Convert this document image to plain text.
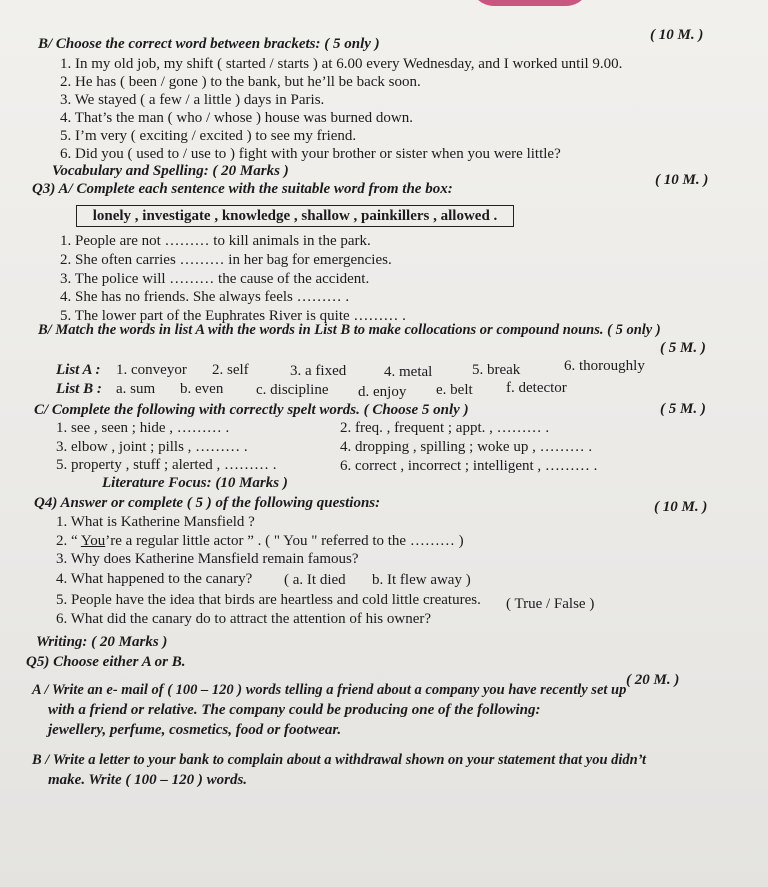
B/ Choose the correct word between brackets: ( 5 only )
( 10 M. )
1. In my old job, my shift ( started / starts ) at 6.00 every Wednesday, and I worked until 9.00.
2. He has ( been / gone ) to the bank, but he’ll be back soon.
3. We stayed ( a few / a little ) days in Paris.
4. That’s the man ( who / whose ) house was burned down.
5. I’m very ( exciting / excited ) to see my friend.
6. Did you ( used to / use to ) fight with your brother or sister when you were little?
Vocabulary and Spelling: ( 20 Marks )
Q3) A/ Complete each sentence with the suitable word from the box:
( 10 M. )
lonely , investigate , knowledge , shallow , painkillers , allowed .
1. People are not ……… to kill animals in the park.
2. She often carries ……… in her bag for emergencies.
3. The police will ……… the cause of the accident.
4. She has no friends. She always feels ……… .
5. The lower part of the Euphrates River is quite ……… .
B/ Match the words in list A with the words in List B to make collocations or compound nouns. ( 5 only )
( 5 M. )
List A : 1. conveyor 2. self	3. a fixed	4. metal	5. break	6. thoroughly
List B : a. sum b. even c. discipline d. enjoy e. belt f. detector
C/ Complete the following with correctly spelt words. ( Choose 5 only )	( 5 M. )
1. see , seen ; hide , ……… .	2. freq. , frequent ; appt. , ……… .
3. elbow , joint ; pills , ……… .	4. dropping , spilling ; woke up , ……… .
5. property , stuff ; alerted , ……… .	6. correct , incorrect ; intelligent , ……… .
Literature Focus: (10 Marks )
Q4) Answer or complete ( 5 ) of the following questions:	( 10 M. )
1. What is Katherine Mansfield ?
2. “ You’re a regular little actor ” . ( " You " referred to the ……… )
3. Why does Katherine Mansfield remain famous?
4. What happened to the canary? ( a. It died b. It flew away )
5. People have the idea that birds are heartless and cold little creatures. ( True / False )
6. What did the canary do to attract the attention of his owner?
Writing: ( 20 Marks )
Q5) Choose either A or B.
( 20 M. )
A / Write an e- mail of ( 100 – 120 ) words telling a friend about a company you have recently set up
with a friend or relative. The company could be producing one of the following:
jewellery, perfume, cosmetics, food or footwear.
B / Write a letter to your bank to complain about a withdrawal shown on your statement that you didn’t
make. Write ( 100 – 120 ) words.
